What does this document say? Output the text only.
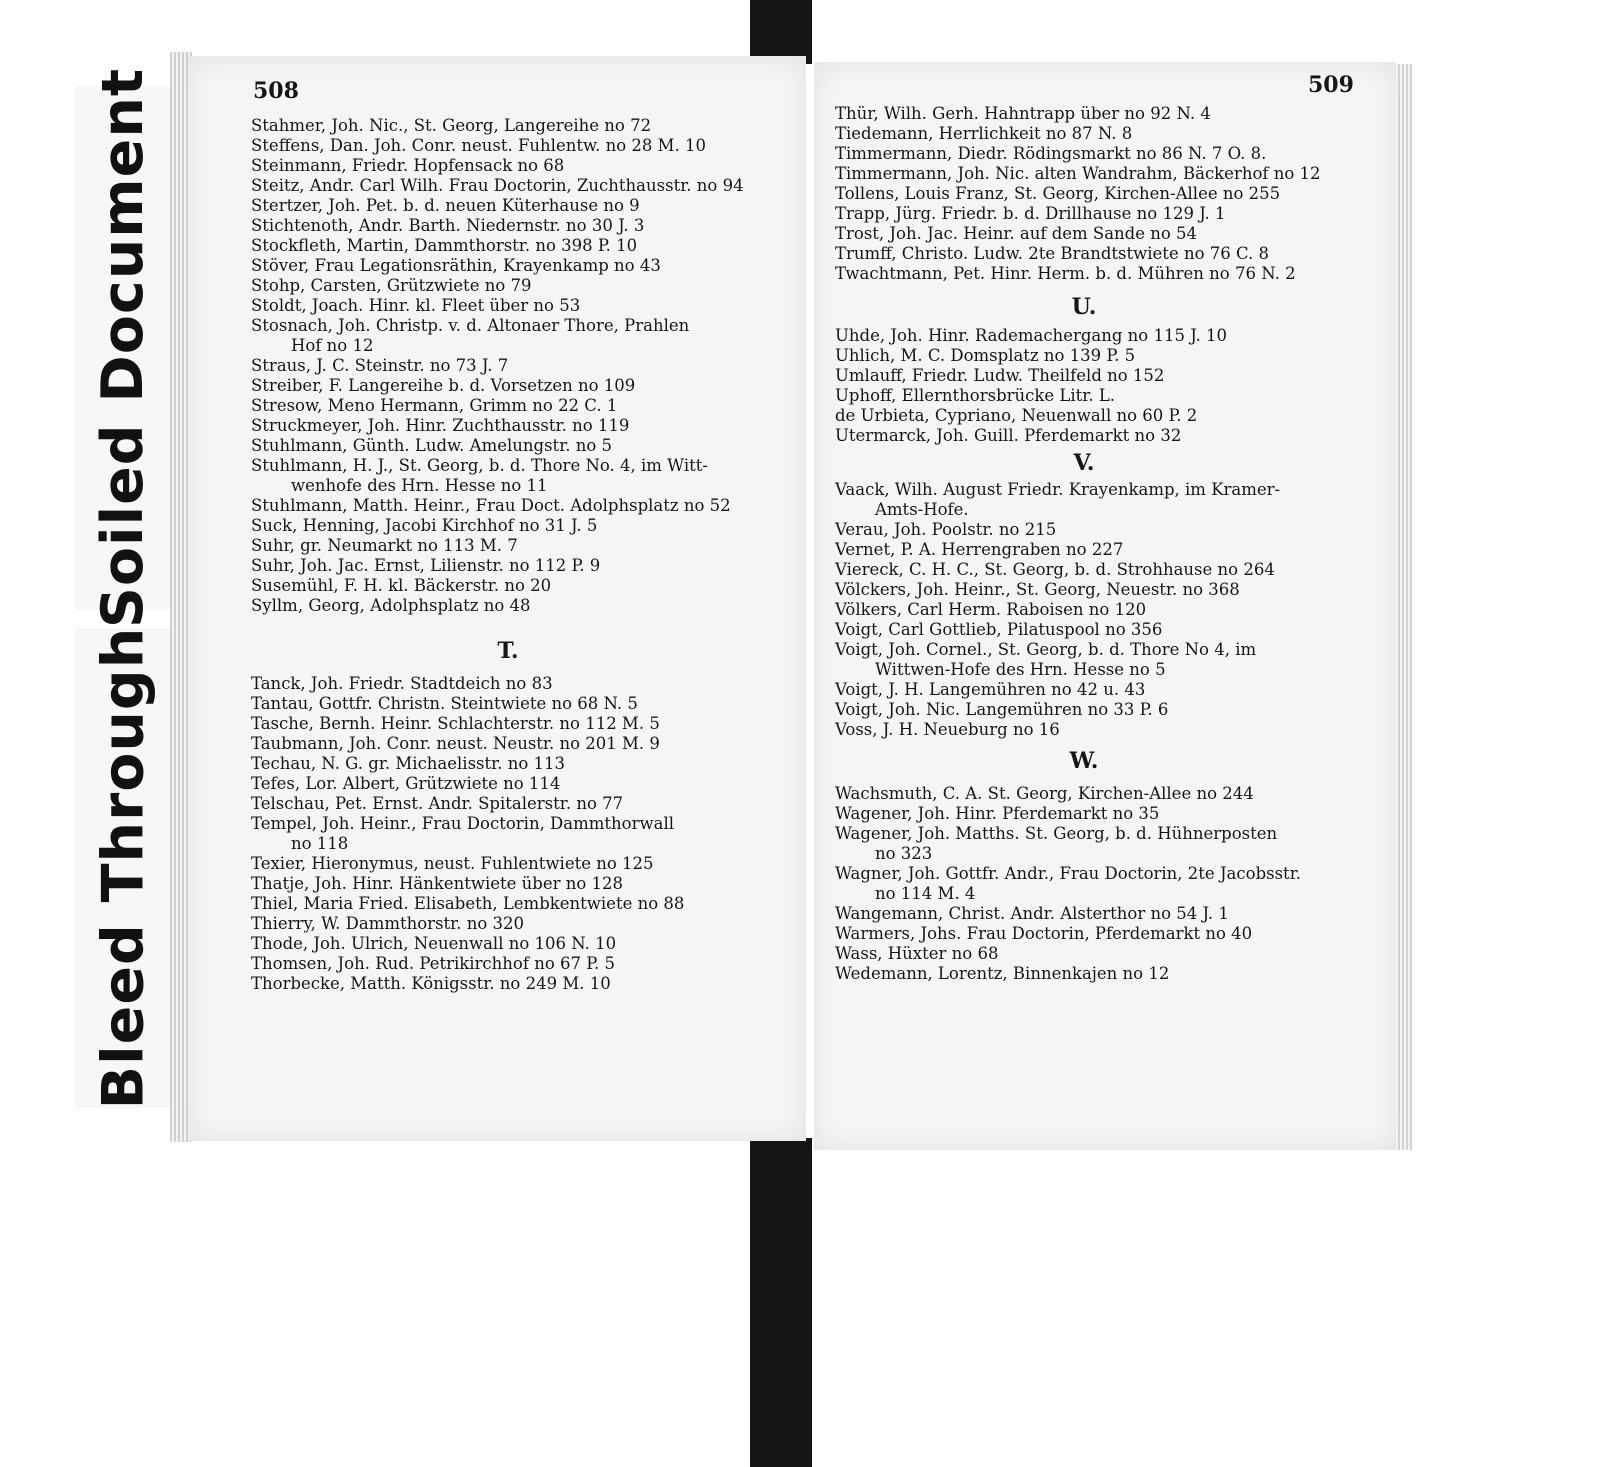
Soiled Document
Bleed Through
508
Stahmer, Joh. Nic., St. Georg, Langereihe no 72
Steffens, Dan. Joh. Conr. neust. Fuhlentw. no 28 M. 10
Steinmann, Friedr. Hopfensack no 68
Steitz, Andr. Carl Wilh. Frau Doctorin, Zuchthausstr. no 94
Stertzer, Joh. Pet. b. d. neuen Küterhause no 9
Stichtenoth, Andr. Barth. Niedernstr. no 30 J. 3
Stockfleth, Martin, Dammthorstr. no 398 P. 10
Stöver, Frau Legationsräthin, Krayenkamp no 43
Stohp, Carsten, Grützwiete no 79
Stoldt, Joach. Hinr. kl. Fleet über no 53
Stosnach, Joh. Christp. v. d. Altonaer Thore, Prahlen
Hof no 12
Straus, J. C. Steinstr. no 73 J. 7
Streiber, F. Langereihe b. d. Vorsetzen no 109
Stresow, Meno Hermann, Grimm no 22 C. 1
Struckmeyer, Joh. Hinr. Zuchthausstr. no 119
Stuhlmann, Günth. Ludw. Amelungstr. no 5
Stuhlmann, H. J., St. Georg, b. d. Thore No. 4, im Witt-
wenhofe des Hrn. Hesse no 11
Stuhlmann, Matth. Heinr., Frau Doct. Adolphsplatz no 52
Suck, Henning, Jacobi Kirchhof no 31 J. 5
Suhr, gr. Neumarkt no 113 M. 7
Suhr, Joh. Jac. Ernst, Lilienstr. no 112 P. 9
Susemühl, F. H. kl. Bäckerstr. no 20
Syllm, Georg, Adolphsplatz no 48
T.
Tanck, Joh. Friedr. Stadtdeich no 83
Tantau, Gottfr. Christn. Steintwiete no 68 N. 5
Tasche, Bernh. Heinr. Schlachterstr. no 112 M. 5
Taubmann, Joh. Conr. neust. Neustr. no 201 M. 9
Techau, N. G. gr. Michaelisstr. no 113
Tefes, Lor. Albert, Grützwiete no 114
Telschau, Pet. Ernst. Andr. Spitalerstr. no 77
Tempel, Joh. Heinr., Frau Doctorin, Dammthorwall
no 118
Texier, Hieronymus, neust. Fuhlentwiete no 125
Thatje, Joh. Hinr. Hänkentwiete über no 128
Thiel, Maria Fried. Elisabeth, Lembkentwiete no 88
Thierry, W. Dammthorstr. no 320
Thode, Joh. Ulrich, Neuenwall no 106 N. 10
Thomsen, Joh. Rud. Petrikirchhof no 67 P. 5
Thorbecke, Matth. Königsstr. no 249 M. 10
509
Thür, Wilh. Gerh. Hahntrapp über no 92 N. 4
Tiedemann, Herrlichkeit no 87 N. 8
Timmermann, Diedr. Rödingsmarkt no 86 N. 7 O. 8.
Timmermann, Joh. Nic. alten Wandrahm, Bäckerhof no 12
Tollens, Louis Franz, St. Georg, Kirchen-Allee no 255
Trapp, Jürg. Friedr. b. d. Drillhause no 129 J. 1
Trost, Joh. Jac. Heinr. auf dem Sande no 54
Trumff, Christo. Ludw. 2te Brandtstwiete no 76 C. 8
Twachtmann, Pet. Hinr. Herm. b. d. Mühren no 76 N. 2
U.
Uhde, Joh. Hinr. Rademachergang no 115 J. 10
Uhlich, M. C. Domsplatz no 139 P. 5
Umlauff, Friedr. Ludw. Theilfeld no 152
Uphoff, Ellernthorsbrücke Litr. L.
de Urbieta, Cypriano, Neuenwall no 60 P. 2
Utermarck, Joh. Guill. Pferdemarkt no 32
V.
Vaack, Wilh. August Friedr. Krayenkamp, im Kramer-
Amts-Hofe.
Verau, Joh. Poolstr. no 215
Vernet, P. A. Herrengraben no 227
Viereck, C. H. C., St. Georg, b. d. Strohhause no 264
Völckers, Joh. Heinr., St. Georg, Neuestr. no 368
Völkers, Carl Herm. Raboisen no 120
Voigt, Carl Gottlieb, Pilatuspool no 356
Voigt, Joh. Cornel., St. Georg, b. d. Thore No 4, im
Wittwen-Hofe des Hrn. Hesse no 5
Voigt, J. H. Langemühren no 42 u. 43
Voigt, Joh. Nic. Langemühren no 33 P. 6
Voss, J. H. Neueburg no 16
W.
Wachsmuth, C. A. St. Georg, Kirchen-Allee no 244
Wagener, Joh. Hinr. Pferdemarkt no 35
Wagener, Joh. Matths. St. Georg, b. d. Hühnerposten
no 323
Wagner, Joh. Gottfr. Andr., Frau Doctorin, 2te Jacobsstr.
no 114 M. 4
Wangemann, Christ. Andr. Alsterthor no 54 J. 1
Warmers, Johs. Frau Doctorin, Pferdemarkt no 40
Wass, Hüxter no 68
Wedemann, Lorentz, Binnenkajen no 12
